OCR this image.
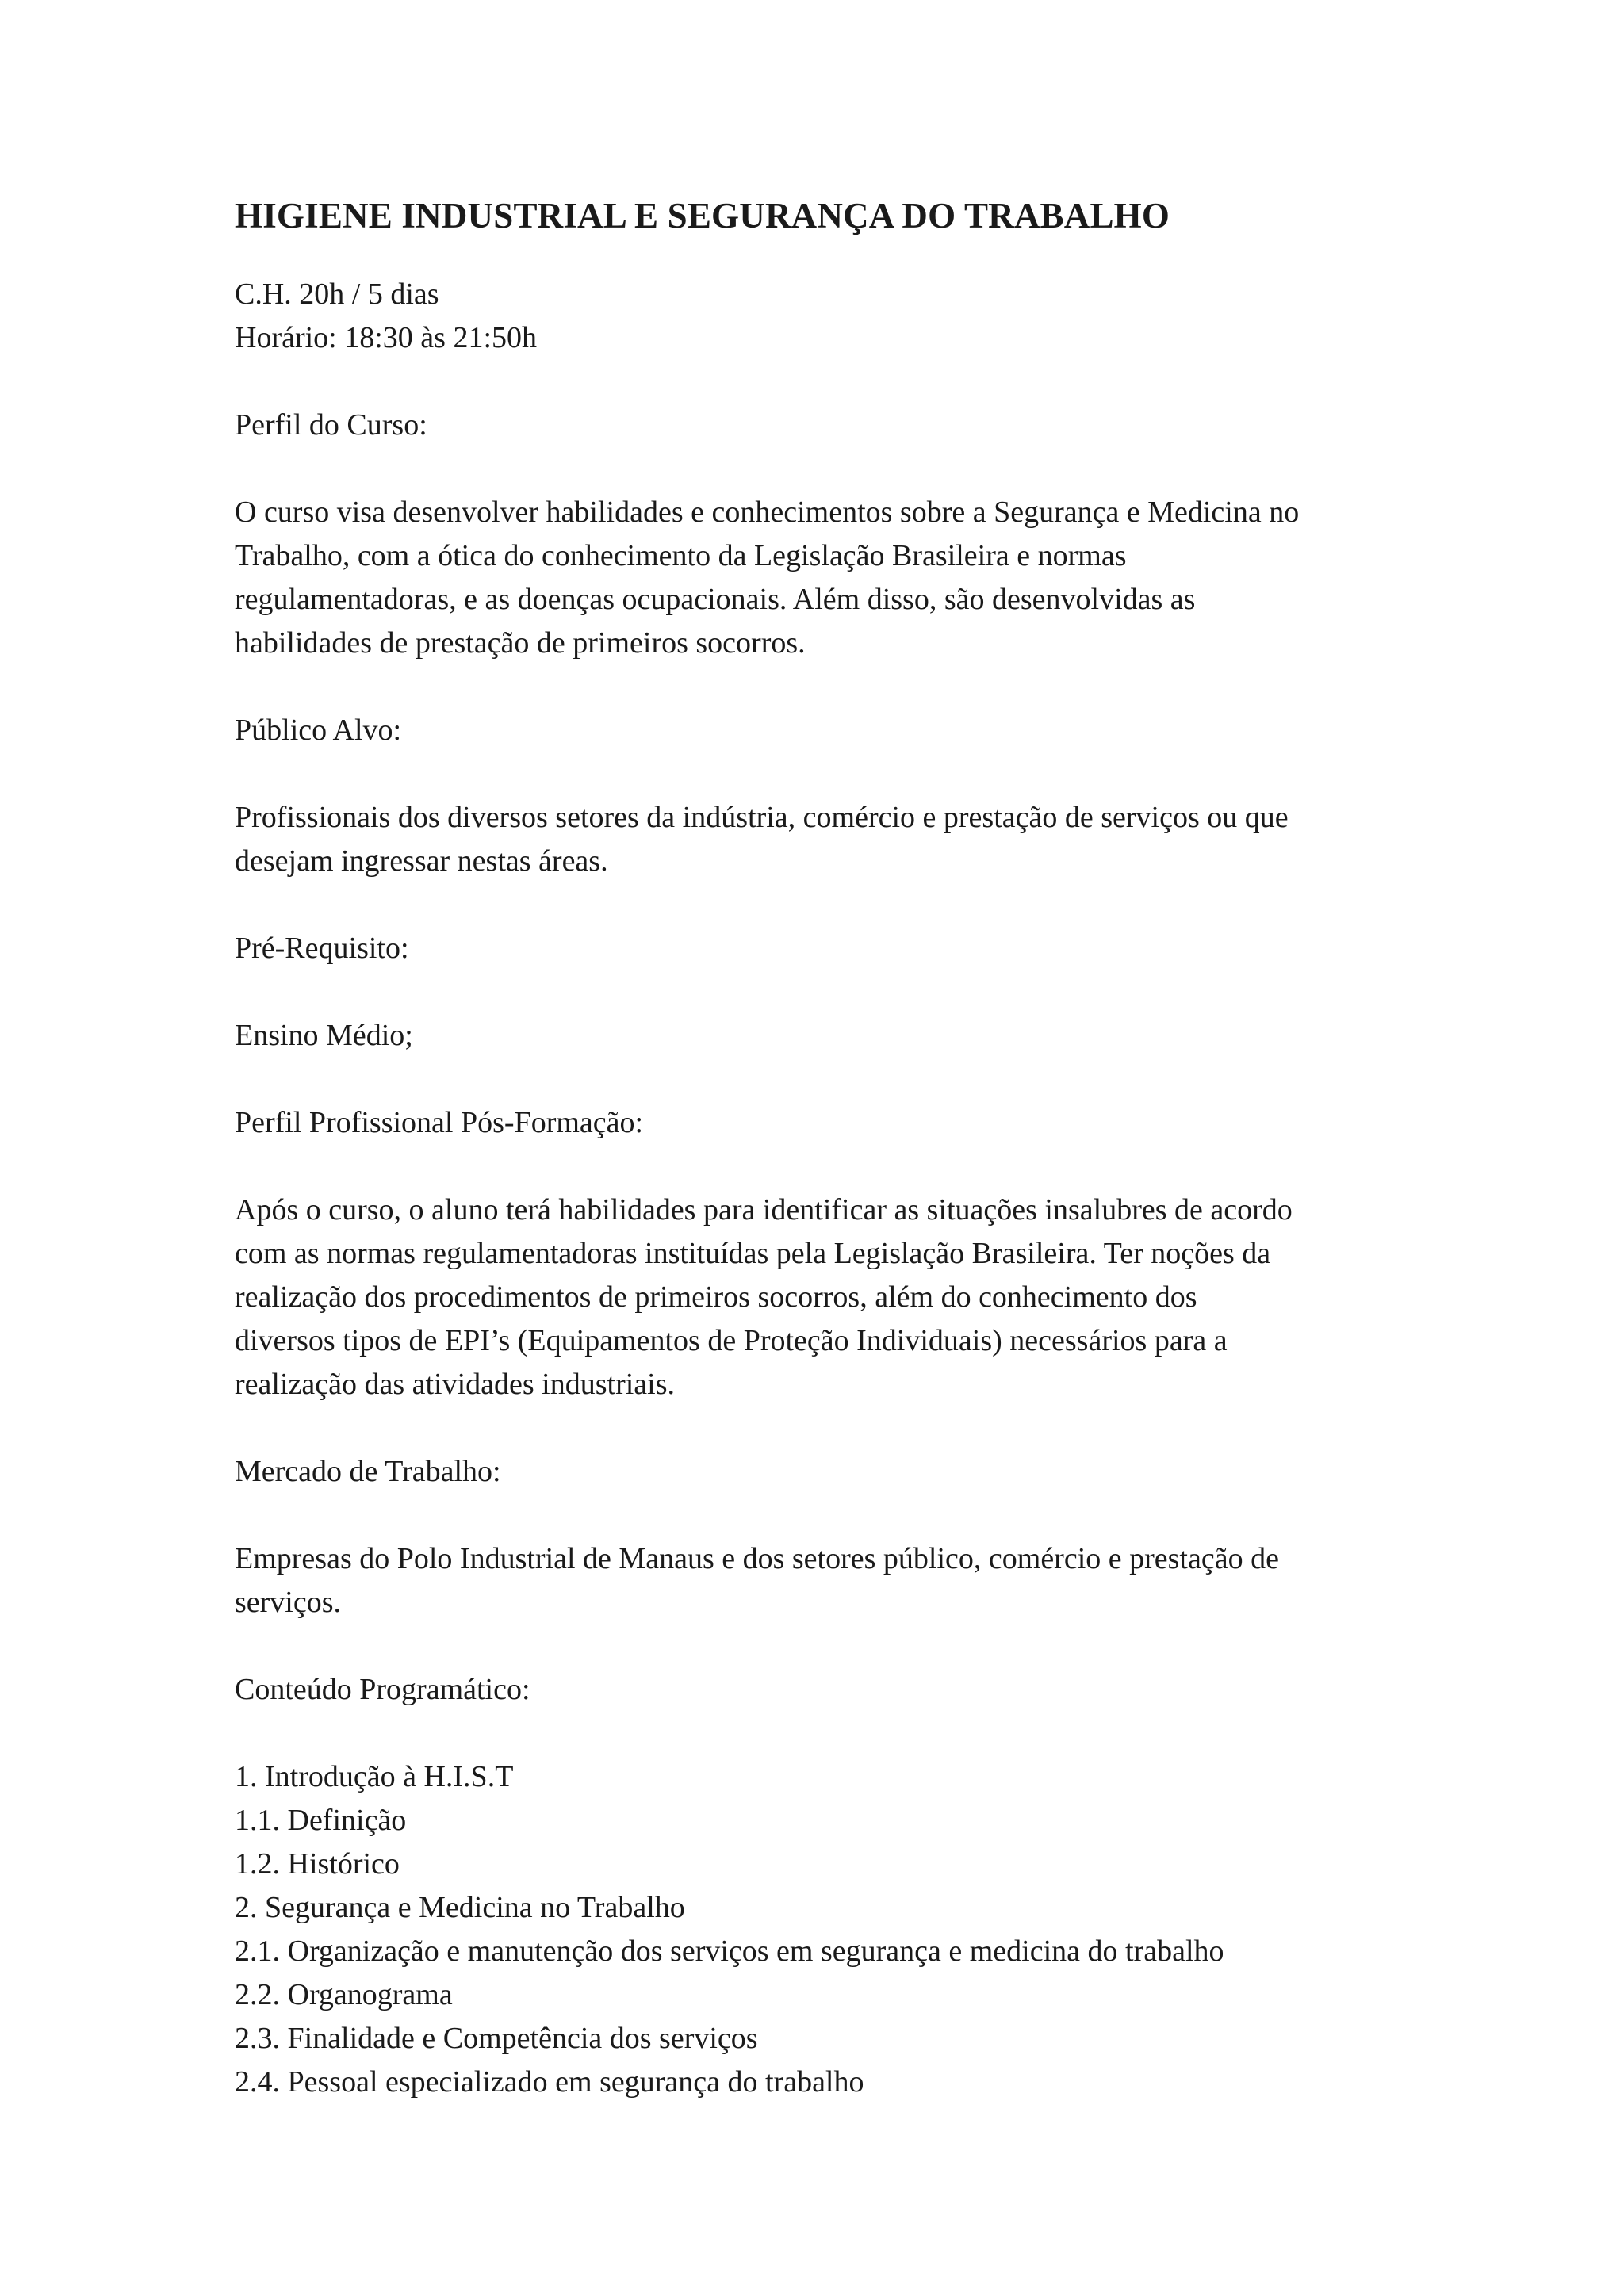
HIGIENE INDUSTRIAL E SEGURANÇA DO TRABALHO

C.H. 20h / 5 dias

Horário: 18:30 às 21:50h

Perfil do Curso:

O curso visa desenvolver habilidades e conhecimentos sobre a Segurança e Medicina no

Trabalho, com a ótica do conhecimento da Legislação Brasileira e normas

regulamentadoras, e as doenças ocupacionais. Além disso, são desenvolvidas as

habilidades de prestação de primeiros socorros.

Público Alvo:

Profissionais dos diversos setores da indústria, comércio e prestação de serviços ou que

desejam ingressar nestas áreas.

Pré-Requisito:

Ensino Médio;

Perfil Profissional Pós-Formação:

Após o curso, o aluno terá habilidades para identificar as situações insalubres de acordo

com as normas regulamentadoras instituídas pela Legislação Brasileira. Ter noções da

realização dos procedimentos de primeiros socorros, além do conhecimento dos

diversos tipos de EPI’s (Equipamentos de Proteção Individuais) necessários para a

realização das atividades industriais.

Mercado de Trabalho:

Empresas do Polo Industrial de Manaus e dos setores público, comércio e prestação de

serviços.

Conteúdo Programático:

1. Introdução à H.I.S.T
1.1. Definição
1.2. Histórico
2. Segurança e Medicina no Trabalho
2.1. Organização e manutenção dos serviços em segurança e medicina do trabalho
2.2. Organograma
2.3. Finalidade e Competência dos serviços
2.4. Pessoal especializado em segurança do trabalho
